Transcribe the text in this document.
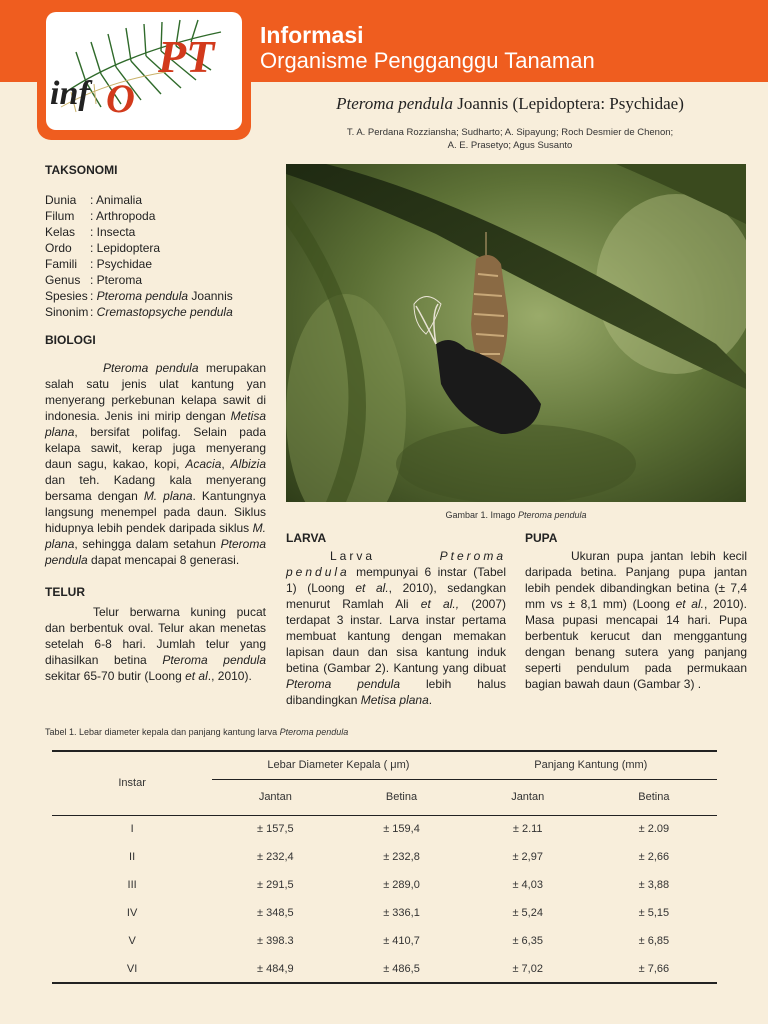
PT
inf O
Informasi
Organisme Pengganggu Tanaman
Pteroma pendula Joannis (Lepidoptera: Psychidae)
T. A. Perdana Rozziansha; Sudharto; A. Sipayung; Roch Desmier de Chenon;
A. E. Prasetyo; Agus Susanto
TAKSONOMI
Dunia	: Animalia
Filum	: Arthropoda
Kelas	: Insecta
Ordo	: Lepidoptera
Famili	: Psychidae
Genus : Pteroma
Spesies : Pteroma pendula Joannis
Sinonim : Cremastopsyche pendula
BIOLOGI

Pteroma pendula merupakan salah satu jenis ulat kantung yan menyerang perkebunan kelapa sawit di indonesia. Jenis ini mirip dengan Metisa plana, bersifat polifag. Selain pada kelapa sawit, kerap juga menyerang daun sagu, kakao, kopi, Acacia, Albizia dan teh. Kadang kala menyerang bersama dengan M. plana. Kantungnya langsung menempel pada daun. Siklus hidupnya lebih pendek daripada siklus M. plana, sehingga dalam setahun Pteroma pendula dapat mencapai 8 generasi.

TELUR

Telur berwarna kuning pucat dan berbentuk oval. Telur akan menetas setelah 6-8 hari. Jumlah telur yang dihasilkan betina Pteroma pendula sekitar 65-70 butir (Loong et al., 2010).

Gambar 1. Imago Pteroma pendula
LARVA

Larva Pteroma pendula mempunyai 6 instar (Tabel 1) (Loong et al., 2010), sedangkan menurut Ramlah Ali et al., (2007) terdapat 3 instar. Larva instar pertama membuat kantung dengan memakan lapisan daun dan sisa kantung induk betina (Gambar 2). Kantung yang dibuat Pteroma pendula lebih halus dibandingkan Metisa plana.

PUPA

Ukuran pupa jantan lebih kecil daripada betina. Panjang pupa jantan lebih pendek dibandingkan betina (± 7,4 mm vs ± 8,1 mm) (Loong et al., 2010). Masa pupasi mencapai 14 hari. Pupa berbentuk kerucut dan menggantung dengan benang sutera yang panjang seperti pendulum pada permukaan bagian bawah daun (Gambar 3) .

Tabel 1. Lebar diameter kepala dan panjang kantung larva Pteroma pendula
Instar	Lebar Diameter Kepala ( μm)		Panjang Kantung (mm)	
	Jantan	Betina	Jantan	Betina
I	± 157,5	± 159,4	± 2.11	± 2.09
II	± 232,4	± 232,8	± 2,97	± 2,66
III	± 291,5	± 289,0	± 4,03	± 3,88
IV	± 348,5	± 336,1	± 5,24	± 5,15
V	± 398.3	± 410,7	± 6,35	± 6,85
VI	± 484,9	± 486,5	± 7,02	± 7,66
